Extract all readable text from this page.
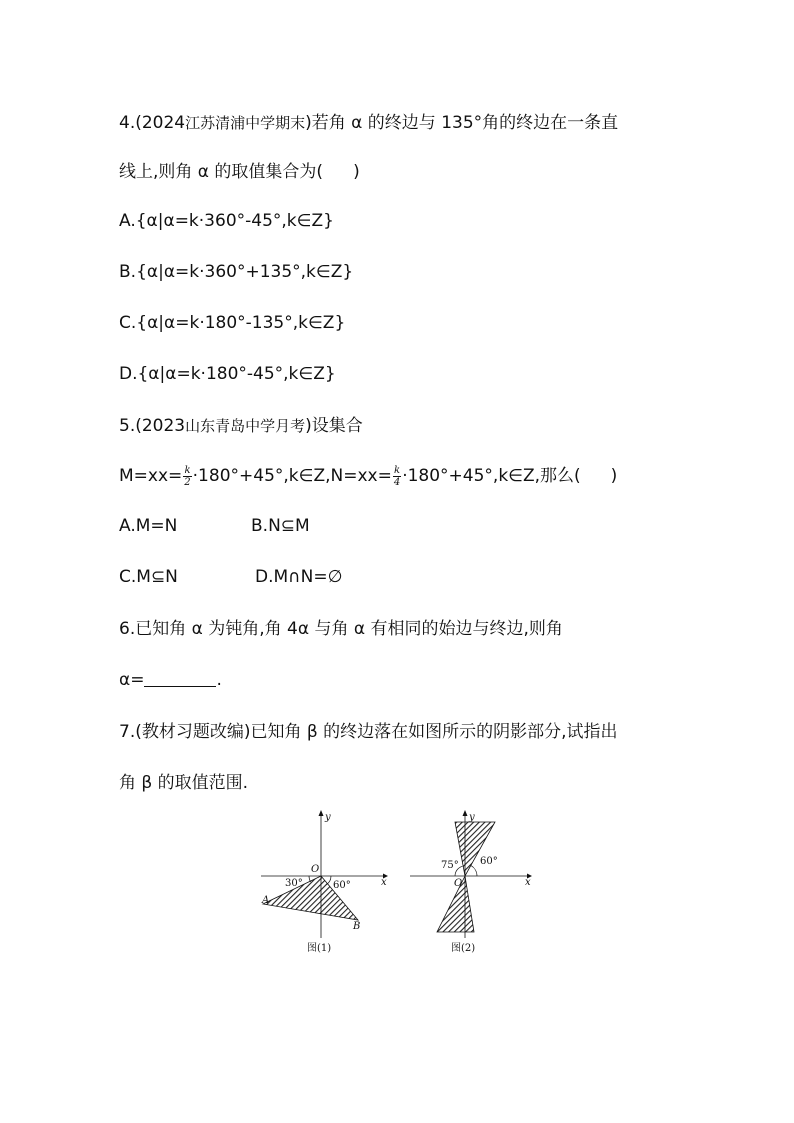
4.(2024江苏清浦中学期末)若角 α 的终边与 135°角的终边在一条直
线上,则角 α 的取值集合为( )
A.{α|α=k·360°-45°,k∈Z}
B.{α|α=k·360°+135°,k∈Z}
C.{α|α=k·180°-135°,k∈Z}
D.{α|α=k·180°-45°,k∈Z}
5.(2023山东青岛中学月考)设集合
$M=xx= \frac{k}{2}$ ·180°+45°,k∈Z,N=xx= $\frac{k}{4}$ ·180°+45°,k∈Z,那么( )
A.M=N	B.N⊆M
C.M⊆N	D.M∩N=∅
6.已知角 α 为钝角,角 4α 与角 α 有相同的始边与终边,则角
α=	.
7.(教材习题改编)已知角 β 的终边落在如图所示的阴影部分,试指出
角 β 的取值范围.
y
x
O
30°	60°
A
B
图(1)
y
x
O
75° 60°
图(2)
